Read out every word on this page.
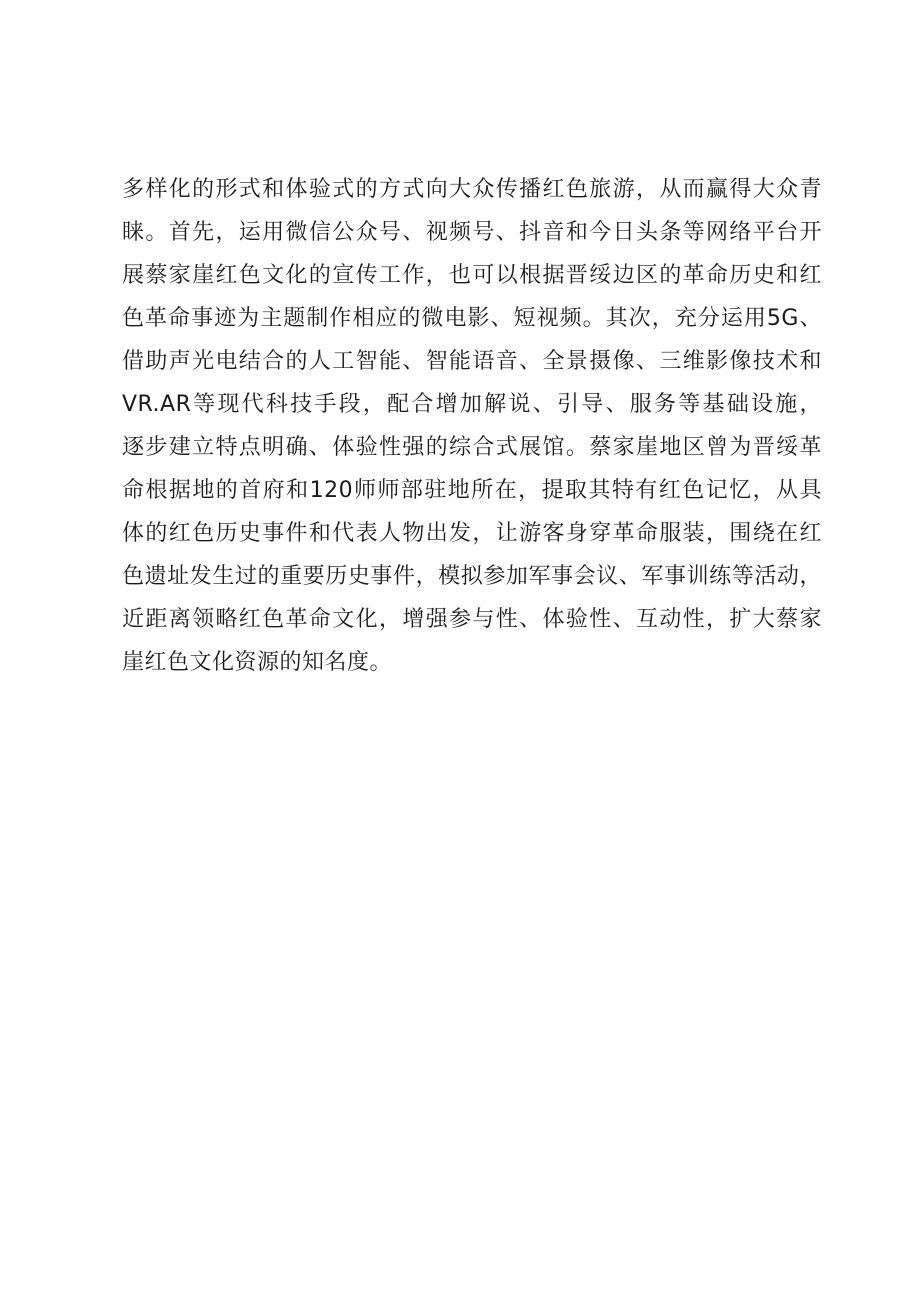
多样化的形式和体验式的方式向大众传播红色旅游，从而赢得大众青
睐。首先，运用微信公众号、视频号、抖音和今日头条等网络平台开
展蔡家崖红色文化的宣传工作，也可以根据晋绥边区的革命历史和红
色革命事迹为主题制作相应的微电影、短视频。其次，充分运用5G、
借助声光电结合的人工智能、智能语音、全景摄像、三维影像技术和
VR.AR等现代科技手段，配合增加解说、引导、服务等基础设施，
逐步建立特点明确、体验性强的综合式展馆。蔡家崖地区曾为晋绥革
命根据地的首府和120师师部驻地所在，提取其特有红色记忆，从具
体的红色历史事件和代表人物出发，让游客身穿革命服装，围绕在红
色遗址发生过的重要历史事件，模拟参加军事会议、军事训练等活动，
近距离领略红色革命文化，增强参与性、体验性、互动性，扩大蔡家
崖红色文化资源的知名度。
